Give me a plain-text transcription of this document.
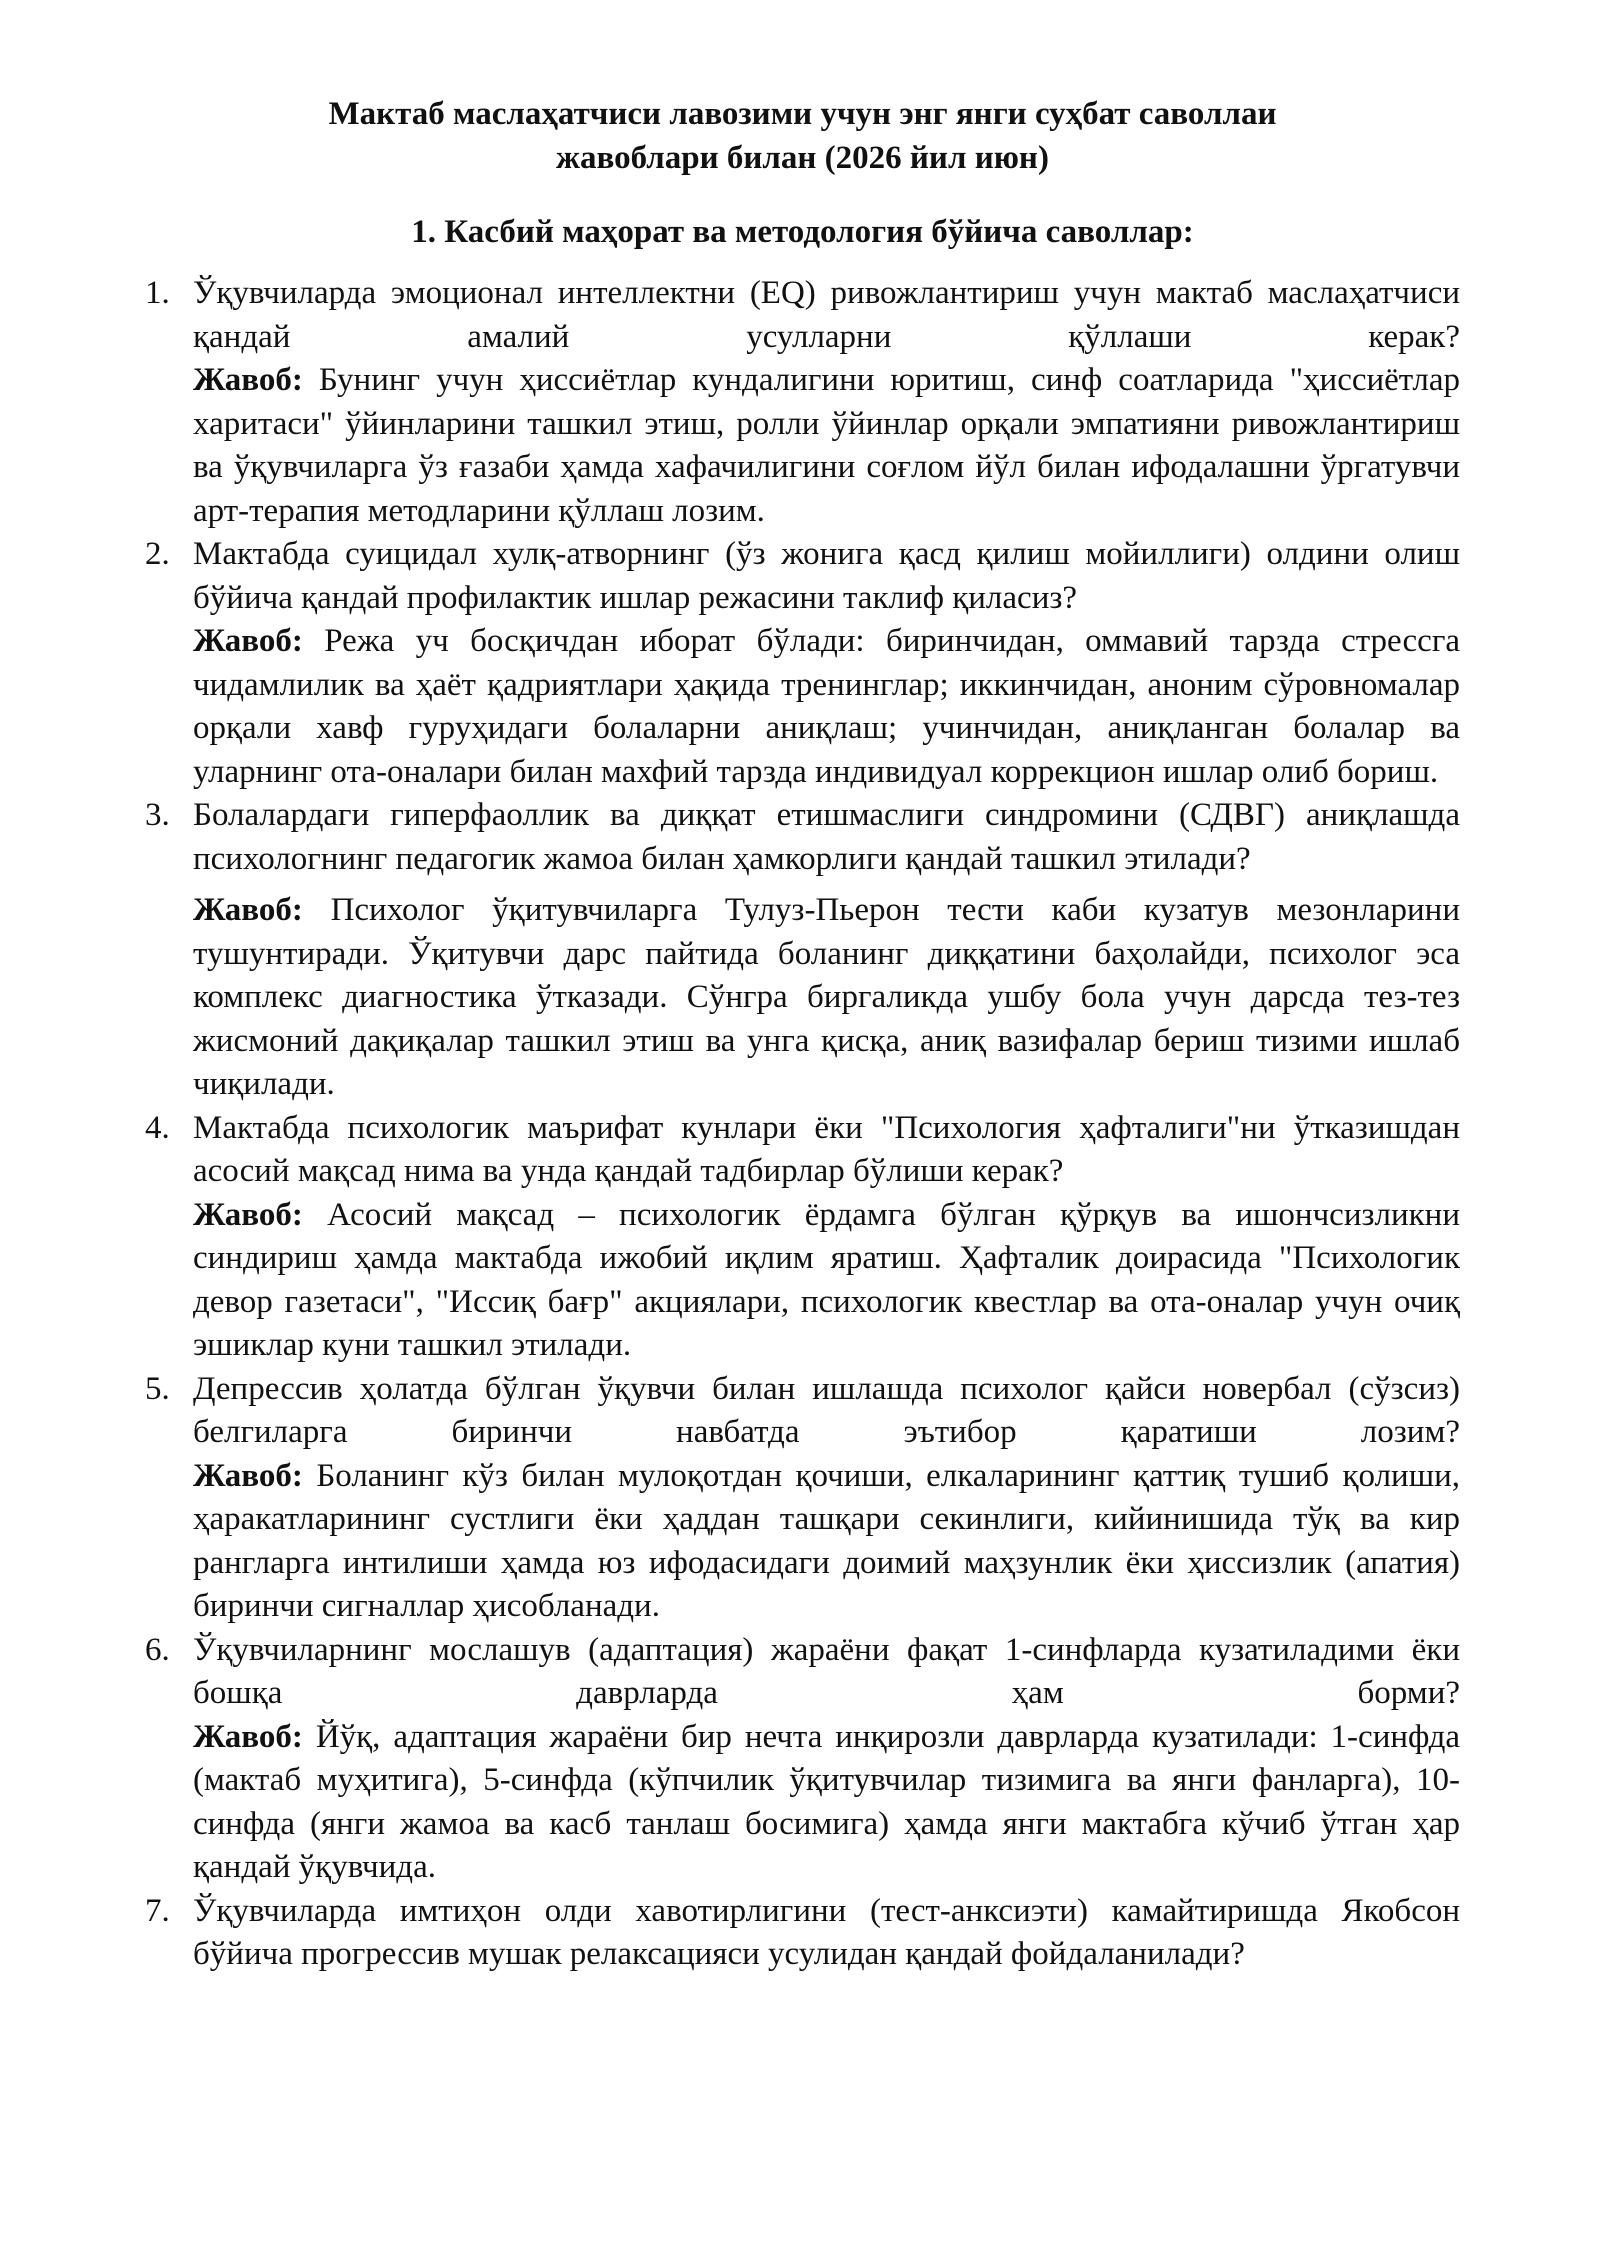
Мактаб маслаҳатчиси лавозими учун энг янги суҳбат саволлаи
жавоблари билан (2026 йил июн)
1. Касбий маҳорат ва методология бўйича саволлар:
1. Ўқувчиларда эмоционал интеллектни (EQ) ривожлантириш учун мактаб маслаҳатчиси қандай амалий усулларни қўллаши керак?
Жавоб: Бунинг учун ҳиссиётлар кундалигини юритиш, синф соатларида "ҳиссиётлар харитаси" ўйинларини ташкил этиш, ролли ўйинлар орқали эмпатияни ривожлантириш ва ўқувчиларга ўз ғазаби ҳамда хафачилигини соғлом йўл билан ифодалашни ўргатувчи арт-терапия методларини қўллаш лозим.
2. Мактабда суицидал хулқ-атворнинг (ўз жонига қасд қилиш мойиллиги) олдини олиш бўйича қандай профилактик ишлар режасини таклиф қиласиз?
Жавоб: Режа уч босқичдан иборат бўлади: биринчидан, оммавий тарзда стрессга чидамлилик ва ҳаёт қадриятлари ҳақида тренинглар; иккинчидан, аноним сўровномалар орқали хавф гуруҳидаги болаларни аниқлаш; учинчидан, аниқланган болалар ва уларнинг ота-оналари билан махфий тарзда индивидуал коррекцион ишлар олиб бориш.
3. Болалардаги гиперфаоллик ва диққат етишмаслиги синдромини (СДВГ) аниқлашда психологнинг педагогик жамоа билан ҳамкорлиги қандай ташкил этилади?
Жавоб: Психолог ўқитувчиларга Тулуз-Пьерон тести каби кузатув мезонларини тушунтиради. Ўқитувчи дарс пайтида боланинг диққатини баҳолайди, психолог эса комплекс диагностика ўтказади. Сўнгра биргаликда ушбу бола учун дарсда тез-тез жисмоний дақиқалар ташкил этиш ва унга қисқа, аниқ вазифалар бериш тизими ишлаб чиқилади.
4. Мактабда психологик маърифат кунлари ёки "Психология ҳафталиги"ни ўтказишдан асосий мақсад нима ва унда қандай тадбирлар бўлиши керак?
Жавоб: Асосий мақсад – психологик ёрдамга бўлган қўрқув ва ишончсизликни синдириш ҳамда мактабда ижобий иқлим яратиш. Ҳафталик доирасида "Психологик девор газетаси", "Иссиқ бағр" акциялари, психологик квестлар ва ота-оналар учун очиқ эшиклар куни ташкил этилади.
5. Депрессив ҳолатда бўлган ўқувчи билан ишлашда психолог қайси новербал (сўзсиз) белгиларга биринчи навбатда эътибор қаратиши лозим?
Жавоб: Боланинг кўз билан мулоқотдан қочиши, елкаларининг қаттиқ тушиб қолиши, ҳаракатларининг сустлиги ёки ҳаддан ташқари секинлиги, кийинишида тўқ ва кир рангларга интилиши ҳамда юз ифодасидаги доимий маҳзунлик ёки ҳиссизлик (апатия) биринчи сигналлар ҳисобланади.
6. Ўқувчиларнинг мослашув (адаптация) жараёни фақат 1-синфларда кузатиладими ёки бошқа даврларда ҳам борми?
Жавоб: Йўқ, адаптация жараёни бир нечта инқирозли даврларда кузатилади: 1-синфда (мактаб муҳитига), 5-синфда (кўпчилик ўқитувчилар тизимига ва янги фанларга), 10-синфда (янги жамоа ва касб танлаш босимига) ҳамда янги мактабга кўчиб ўтган ҳар қандай ўқувчида.
7. Ўқувчиларда имтиҳон олди хавотирлигини (тест-анксиэти) камайтиришда Якобсон бўйича прогрессив мушак релаксацияси усулидан қандай фойдаланилади?
